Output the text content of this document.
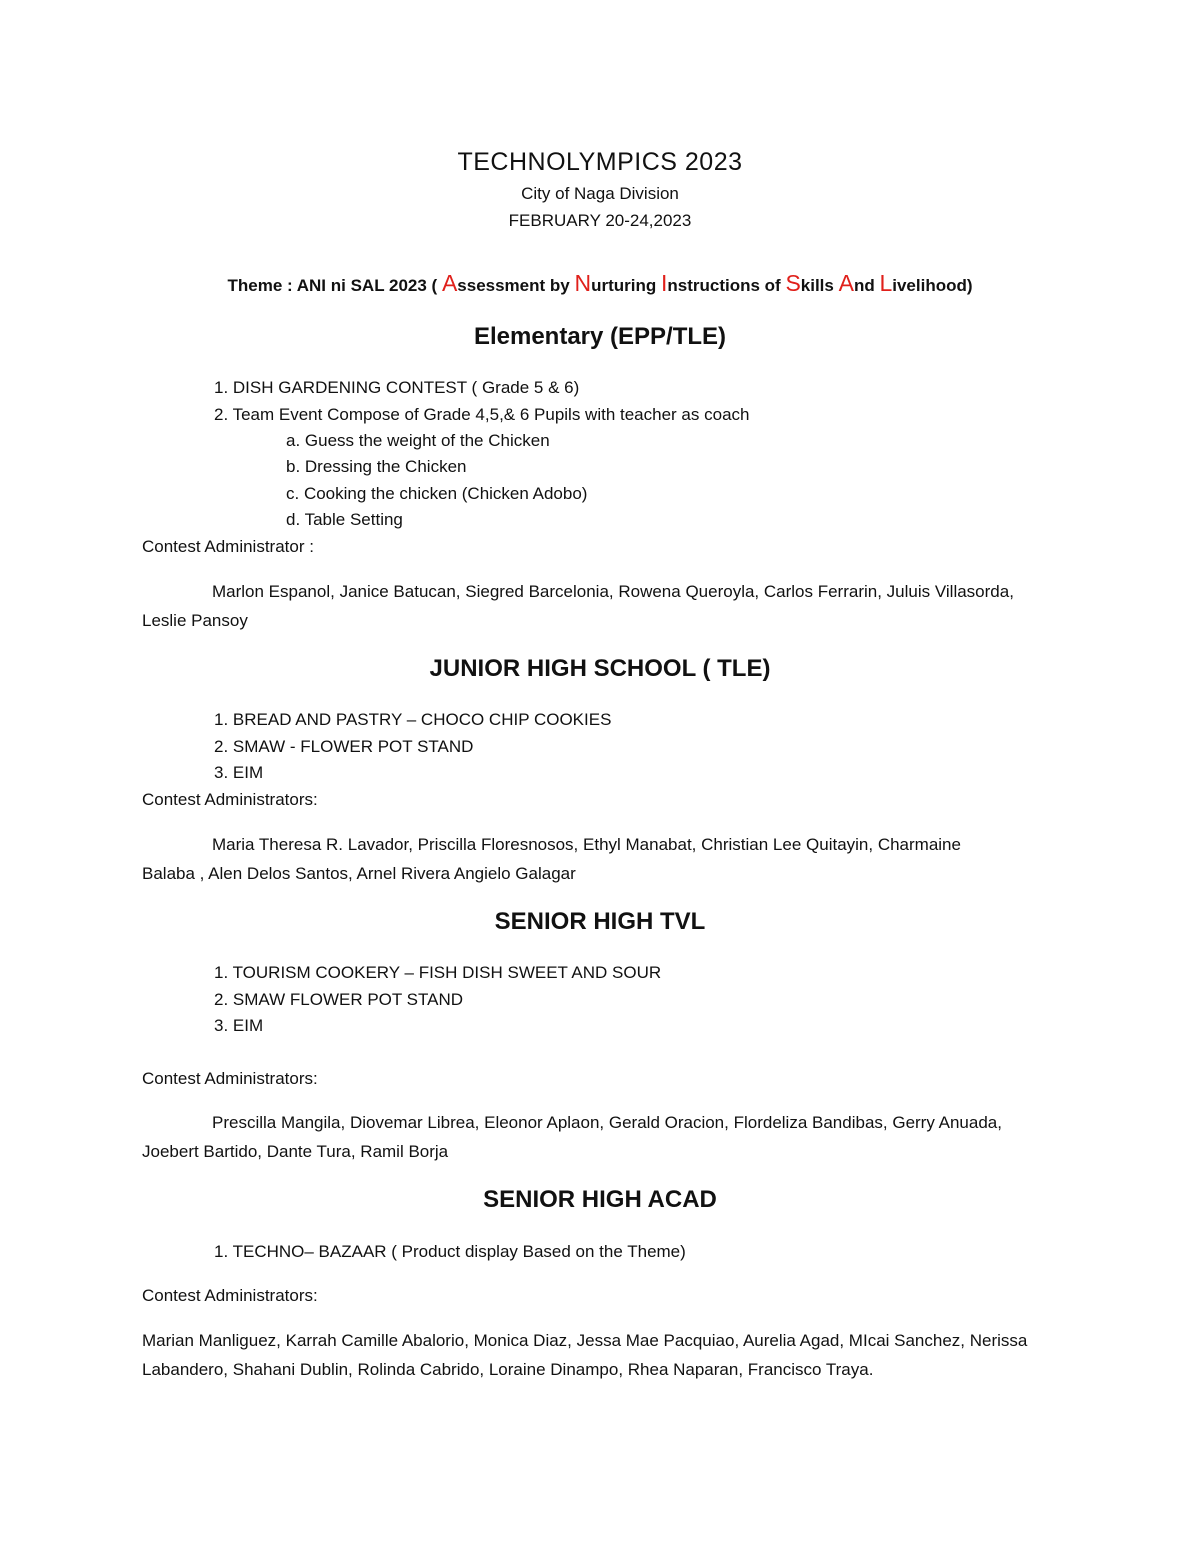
TECHNOLYMPICS 2023
City of Naga Division
FEBRUARY 20-24,2023
Theme : ANI ni SAL 2023 ( Assessment by Nurturing Instructions of Skills And Livelihood)
Elementary (EPP/TLE)
1. DISH GARDENING CONTEST ( Grade 5 & 6)
2. Team Event Compose of Grade 4,5,& 6 Pupils with teacher as coach
a. Guess the weight of the Chicken
b. Dressing the Chicken
c. Cooking the chicken (Chicken Adobo)
d. Table Setting
Contest Administrator :
Marlon Espanol, Janice Batucan, Siegred Barcelonia, Rowena Queroyla, Carlos Ferrarin, Juluis Villasorda, Leslie Pansoy
JUNIOR HIGH SCHOOL ( TLE)
1. BREAD AND PASTRY – CHOCO CHIP COOKIES
2. SMAW - FLOWER POT STAND
3. EIM
Contest Administrators:
Maria Theresa R. Lavador, Priscilla Floresnosos, Ethyl Manabat, Christian Lee Quitayin, Charmaine Balaba , Alen Delos Santos, Arnel Rivera Angielo Galagar
SENIOR HIGH TVL
1. TOURISM COOKERY – FISH DISH SWEET AND SOUR
2. SMAW FLOWER POT STAND
3. EIM
Contest Administrators:
Prescilla Mangila, Diovemar Librea, Eleonor Aplaon, Gerald Oracion, Flordeliza Bandibas, Gerry Anuada, Joebert Bartido, Dante Tura, Ramil Borja
SENIOR HIGH ACAD
1. TECHNO– BAZAAR ( Product display Based on the Theme)
Contest Administrators:
Marian Manliguez, Karrah Camille Abalorio, Monica Diaz, Jessa Mae Pacquiao, Aurelia Agad, MIcai Sanchez, Nerissa Labandero, Shahani Dublin, Rolinda Cabrido, Loraine Dinampo, Rhea Naparan, Francisco Traya.
